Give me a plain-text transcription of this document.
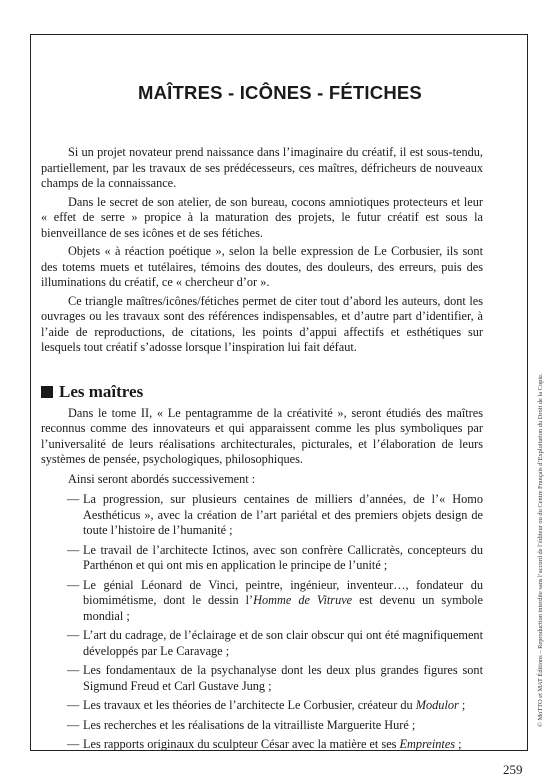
MAÎTRES - ICÔNES - FÉTICHES

Si un projet novateur prend naissance dans l’imaginaire du créatif, il est sous-tendu, partiellement, par les travaux de ses prédécesseurs, ces maîtres, défricheurs de nouveaux champs de la connaissance.

Dans le secret de son atelier, de son bureau, cocons amniotiques protecteurs et leur « effet de serre » propice à la maturation des projets, le futur créatif est sous la bienveillance de ses icônes et de ses fétiches.

Objets « à réaction poétique », selon la belle expression de Le Corbusier, ils sont des totems muets et tutélaires, témoins des doutes, des douleurs, des erreurs, puis des illuminations du créatif, ce « chercheur d’or ».

Ce triangle maîtres/icônes/fétiches permet de citer tout d’abord les auteurs, dont les ouvrages ou les travaux sont des références indispensables, et d’autre part d’identifier, à l’aide de reproductions, de citations, les points d’appui affectifs et esthétiques sur lesquels tout créatif s’adosse lorsque l’inspiration lui fait défaut.

Les maîtres

Dans le tome II, « Le pentagramme de la créativité », seront étudiés des maîtres reconnus comme des innovateurs et qui apparaissent comme les plus symboliques par l’universalité de leurs réalisations architecturales, picturales, et l’élaboration de leurs systèmes de pensée, psychologiques, philosophiques.

Ainsi seront abordés successivement :

— La progression, sur plusieurs centaines de milliers d’années, de l’« Homo Aesthéticus », avec la création de l’art pariétal et des premiers objets design de toute l’histoire de l’humanité ;
— Le travail de l’architecte Ictinos, avec son confrère Callicratès, concepteurs du Parthénon et qui ont mis en application le principe de l’unité ;
— Le génial Léonard de Vinci, peintre, ingénieur, inventeur…, fondateur du biomimétisme, dont le dessin l’Homme de Vitruve est devenu un symbole mondial ;
— L’art du cadrage, de l’éclairage et de son clair obscur qui ont été magnifiquement développés par Le Caravage ;
— Les fondamentaux de la psychanalyse dont les deux plus grandes figures sont Sigmund Freud et Carl Gustave Jung ;
— Les travaux et les théories de l’architecte Le Corbusier, créateur du Modulor ;
— Les recherches et les réalisations de la vitrailliste Marguerite Huré ;
— Les rapports originaux du sculpteur César avec la matière et ses Empreintes ;
259
© MoTTO et MAT Éditions – Reproduction interdite sans l’accord de l’éditeur ou du Centre Français d’Exploitation du Droit de la Copie.
